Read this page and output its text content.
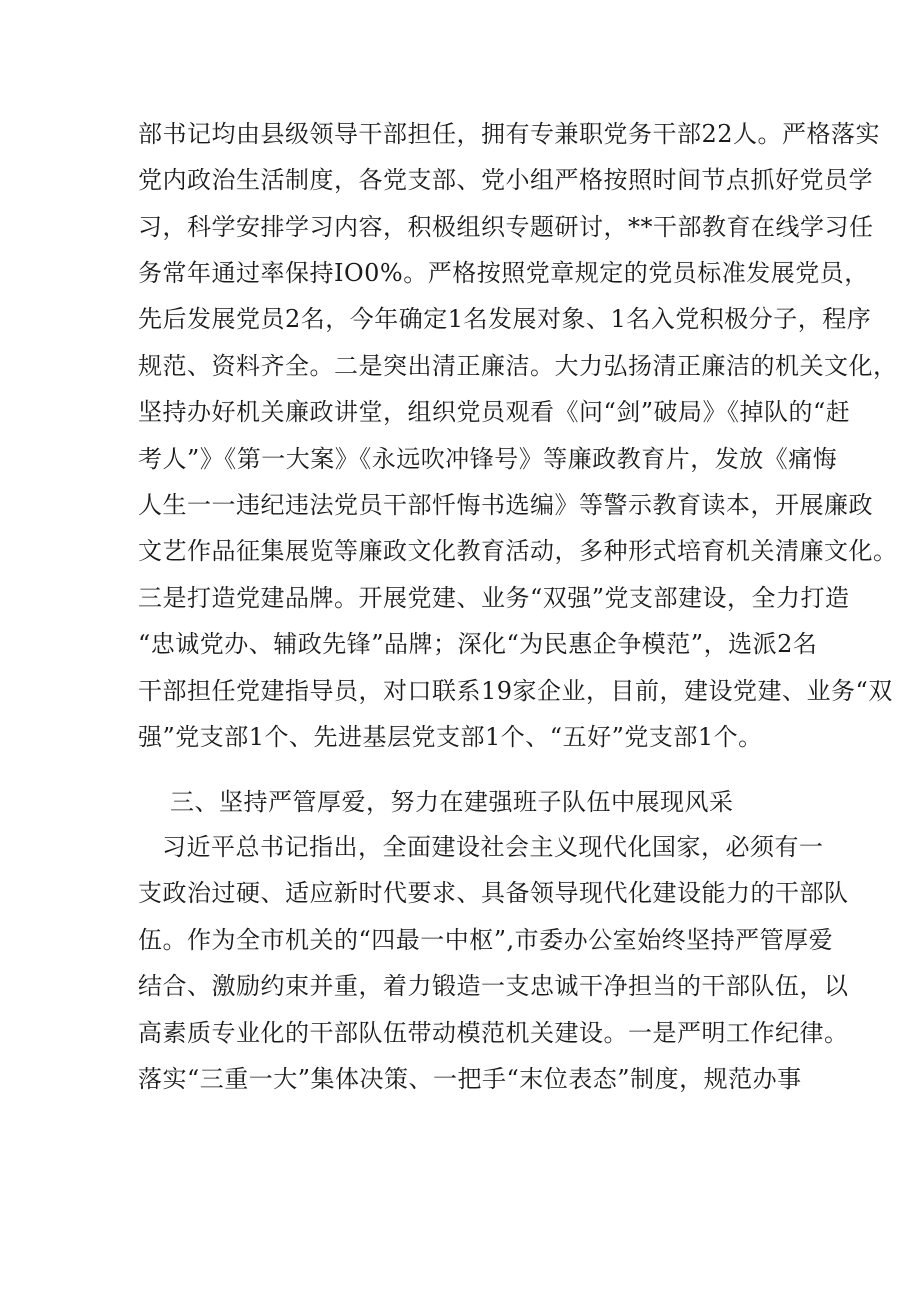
部书记均由县级领导干部担任，拥有专兼职党务干部22人。严格落实
党内政治生活制度，各党支部、党小组严格按照时间节点抓好党员学
习，科学安排学习内容，积极组织专题研讨，**干部教育在线学习任
务常年通过率保持IO0%。严格按照党章规定的党员标准发展党员，
先后发展党员2名，今年确定1名发展对象、1名入党积极分子，程序
规范、资料齐全。二是突出清正廉洁。大力弘扬清正廉洁的机关文化，
坚持办好机关廉政讲堂，组织党员观看《问“剑”破局》《掉队的“赶
考人”》《第一大案》《永远吹冲锋号》等廉政教育片，发放《痛悔
人生一一违纪违法党员干部忏悔书选编》等警示教育读本，开展廉政
文艺作品征集展览等廉政文化教育活动，多种形式培育机关清廉文化。
三是打造党建品牌。开展党建、业务“双强”党支部建设，全力打造
“忠诚党办、辅政先锋”品牌；深化“为民惠企争模范”，选派2名
干部担任党建指导员，对口联系19家企业，目前，建设党建、业务“双
强”党支部1个、先进基层党支部1个、“五好”党支部1个。
三、坚持严管厚爱，努力在建强班子队伍中展现风采
习近平总书记指出，全面建设社会主义现代化国家，必须有一
支政治过硬、适应新时代要求、具备领导现代化建设能力的干部队
伍。作为全市机关的“四最一中枢”,市委办公室始终坚持严管厚爱
结合、激励约束并重，着力锻造一支忠诚干净担当的干部队伍，以
高素质专业化的干部队伍带动模范机关建设。一是严明工作纪律。
落实“三重一大”集体决策、一把手“末位表态”制度，规范办事
